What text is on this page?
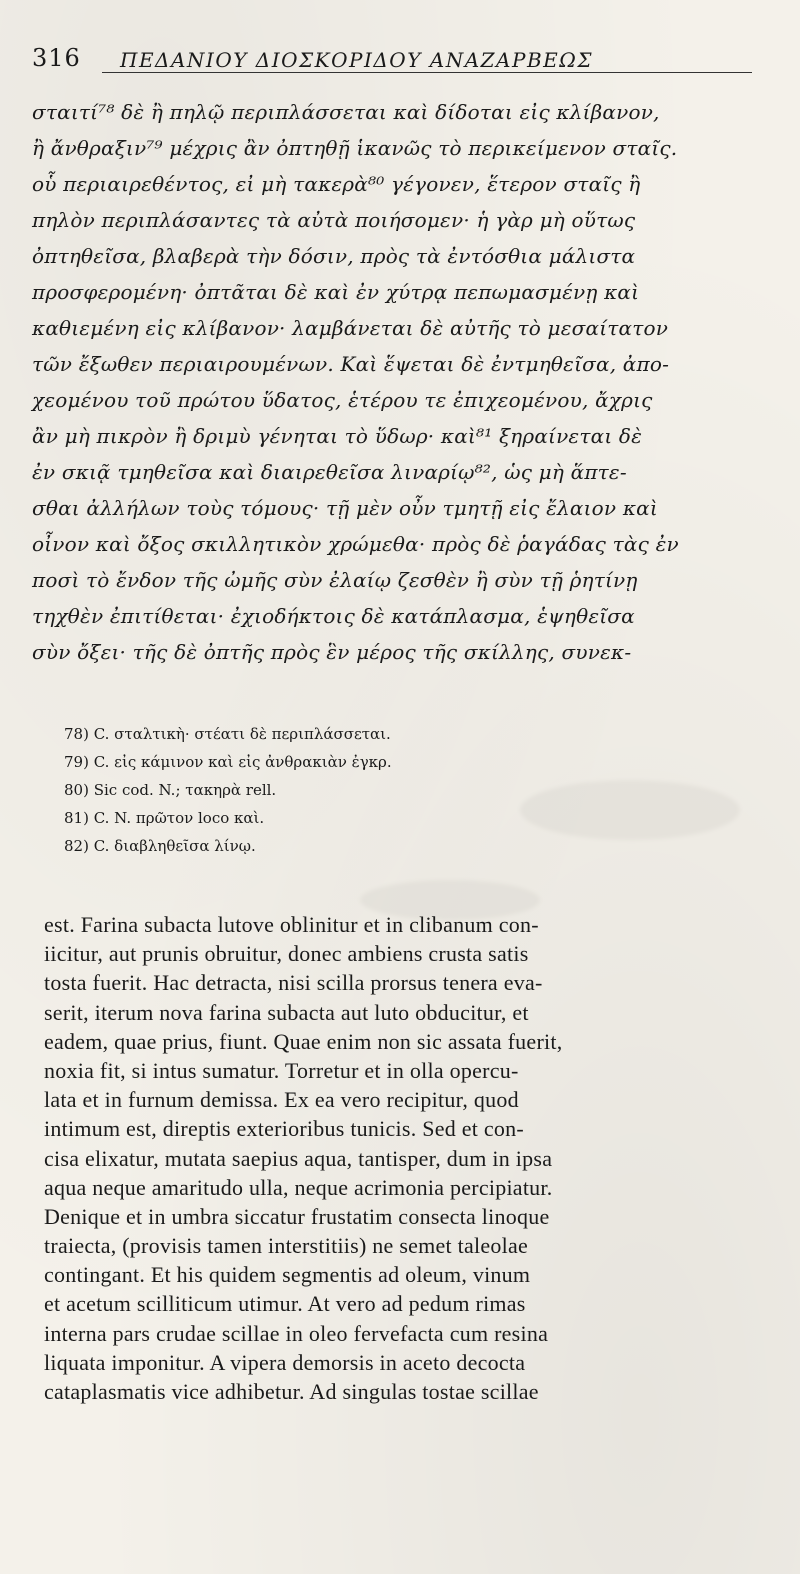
316 ΠΕΔΑΝΙΟΥ ΔΙΟΣΚΟΡΙΔΟΥ ΑΝΑΖΑΡΒΕΩΣ
σταιτί⁷⁸ δὲ ἢ πηλῷ περιπλάσσεται καὶ δίδοται εἰς κλίβανον,
ἢ ἄνθραξιν⁷⁹ μέχρις ἂν ὀπτηθῇ ἱκανῶς τὸ περικείμενον σταῖς.
οὗ περιαιρεθέντος, εἰ μὴ τακερὰ⁸⁰ γέγονεν, ἕτερον σταῖς ἢ
πηλὸν περιπλάσαντες τὰ αὐτὰ ποιήσομεν· ἡ γὰρ μὴ οὕτως
ὀπτηθεῖσα, βλαβερὰ τὴν δόσιν, πρὸς τὰ ἐντόσθια μάλιστα
προσφερομένη· ὀπτᾶται δὲ καὶ ἐν χύτρᾳ πεπωμασμένῃ καὶ
καθιεμένη εἰς κλίβανον· λαμβάνεται δὲ αὐτῆς τὸ μεσαίτατον
τῶν ἔξωθεν περιαιρουμένων. Καὶ ἕψεται δὲ ἐντμηθεῖσα, ἀπο-
χεομένου τοῦ πρώτου ὕδατος, ἑτέρου τε ἐπιχεομένου, ἄχρις
ἂν μὴ πικρὸν ἢ δριμὺ γένηται τὸ ὕδωρ· καὶ⁸¹ ξηραίνεται δὲ
ἐν σκιᾷ τμηθεῖσα καὶ διαιρεθεῖσα λιναρίῳ⁸², ὡς μὴ ἅπτε-
σθαι ἀλλήλων τοὺς τόμους· τῇ μὲν οὖν τμητῇ εἰς ἔλαιον καὶ
οἶνον καὶ ὄξος σκιλλητικὸν χρώμεθα· πρὸς δὲ ῥαγάδας τὰς ἐν
ποσὶ τὸ ἔνδον τῆς ὠμῆς σὺν ἐλαίῳ ζεσθὲν ἢ σὺν τῇ ῥητίνῃ
τηχθὲν ἐπιτίθεται· ἐχιοδήκτοις δὲ κατάπλασμα, ἑψηθεῖσα
σὺν ὄξει· τῆς δὲ ὀπτῆς πρὸς ἓν μέρος τῆς σκίλλης, συνεκ-
78) C. σταλτικὴ· στέατι δὲ περιπλάσσεται.
79) C. εἰς κάμινον καὶ εἰς ἀνθρακιὰν ἐγκρ.
80) Sic cod. N.; τακηρὰ rell.
81) C. N. πρῶτον loco καὶ.
82) C. διαβληθεῖσα λίνῳ.
est. Farina subacta lutove oblinitur et in clibanum con-
iicitur, aut prunis obruitur, donec ambiens crusta satis
tosta fuerit. Hac detracta, nisi scilla prorsus tenera eva-
serit, iterum nova farina subacta aut luto obducitur, et
eadem, quae prius, fiunt. Quae enim non sic assata fuerit,
noxia fit, si intus sumatur. Torretur et in olla opercu-
lata et in furnum demissa. Ex ea vero recipitur, quod
intimum est, direptis exterioribus tunicis. Sed et con-
cisa elixatur, mutata saepius aqua, tantisper, dum in ipsa
aqua neque amaritudo ulla, neque acrimonia percipiatur.
Denique et in umbra siccatur frustatim consecta linoque
traiecta, (provisis tamen interstitiis) ne semet taleolae
contingant. Et his quidem segmentis ad oleum, vinum
et acetum scilliticum utimur. At vero ad pedum rimas
interna pars crudae scillae in oleo fervefacta cum resina
liquata imponitur. A vipera demorsis in aceto decocta
cataplasmatis vice adhibetur. Ad singulas tostae scillae
